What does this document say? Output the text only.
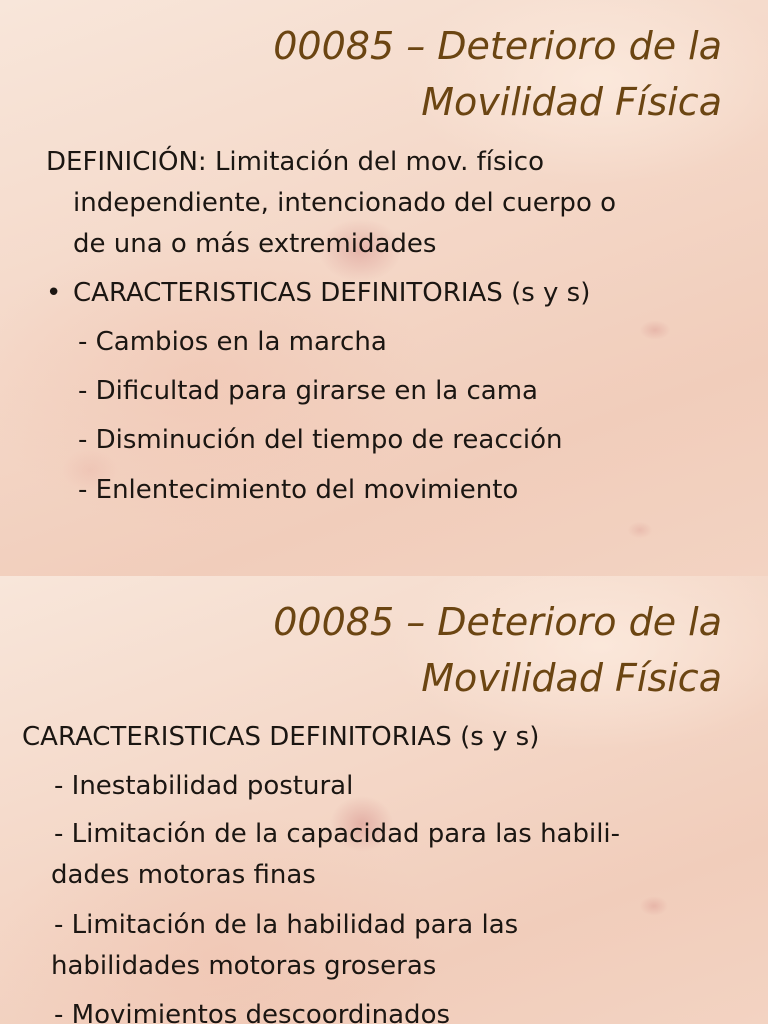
00085 – Deterioro de la
Movilidad Física
DEFINICIÓN: Limitación del mov. físico
independiente, intencionado del cuerpo o
de una o más extremidades
• CARACTERISTICAS DEFINITORIAS (s y s)
- Cambios en la marcha
- Dificultad para girarse en la cama
- Disminución del tiempo de reacción
- Enlentecimiento del movimiento
00085 – Deterioro de la
Movilidad Física
CARACTERISTICAS DEFINITORIAS (s y s)
- Inestabilidad postural
- Limitación de la capacidad para las habili-
dades motoras finas
- Limitación de la habilidad para las
habilidades motoras groseras
- Movimientos descoordinados
